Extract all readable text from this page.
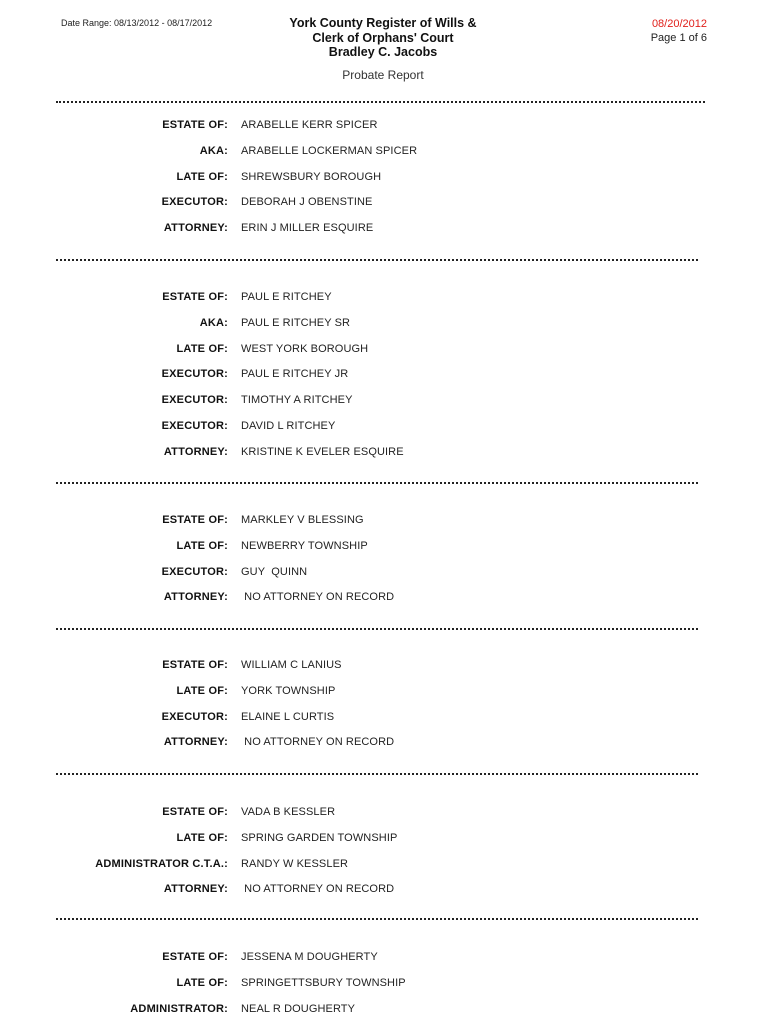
Date Range: 08/13/2012 - 08/17/2012	York County Register of Wills &
Clerk of Orphans' Court
Bradley C. Jacobs
Probate Report
08/20/2012
Page 1 of 6
ESTATE OF: ARABELLE KERR SPICER
AKA: ARABELLE LOCKERMAN SPICER
LATE OF: SHREWSBURY BOROUGH
EXECUTOR: DEBORAH J OBENSTINE
ATTORNEY: ERIN J MILLER ESQUIRE
ESTATE OF: PAUL E RITCHEY
AKA: PAUL E RITCHEY SR
LATE OF: WEST YORK BOROUGH
EXECUTOR: PAUL E RITCHEY JR
EXECUTOR: TIMOTHY A RITCHEY
EXECUTOR: DAVID L RITCHEY
ATTORNEY: KRISTINE K EVELER ESQUIRE
ESTATE OF: MARKLEY V BLESSING
LATE OF: NEWBERRY TOWNSHIP
EXECUTOR: GUY  QUINN
ATTORNEY: NO ATTORNEY ON RECORD
ESTATE OF: WILLIAM C LANIUS
LATE OF: YORK TOWNSHIP
EXECUTOR: ELAINE L CURTIS
ATTORNEY: NO ATTORNEY ON RECORD
ESTATE OF: VADA B KESSLER
LATE OF: SPRING GARDEN TOWNSHIP
ADMINISTRATOR C.T.A.: RANDY W KESSLER
ATTORNEY: NO ATTORNEY ON RECORD
ESTATE OF: JESSENA M DOUGHERTY
LATE OF: SPRINGETTSBURY TOWNSHIP
ADMINISTRATOR: NEAL R DOUGHERTY
